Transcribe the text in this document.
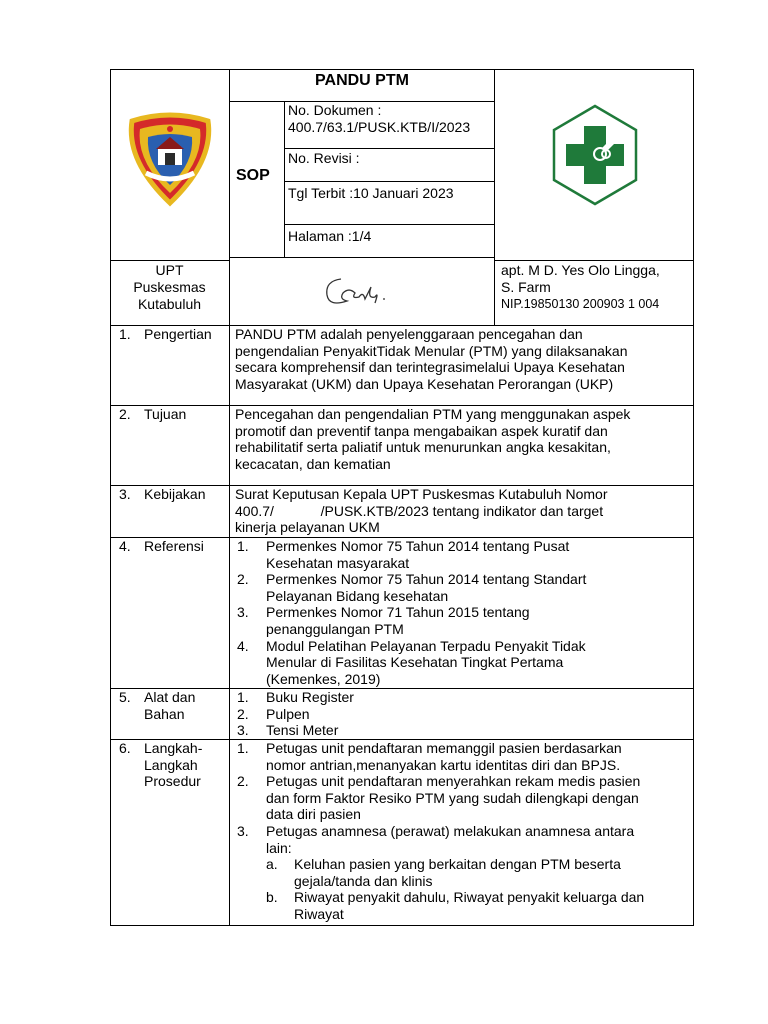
PANDU PTM
SOP
No. Dokumen :
400.7/63.1/PUSK.KTB/I/2023
No. Revisi :
Tgl Terbit :10 Januari 2023
Halaman :1/4
UPT
Puskesmas
Kutabuluh
apt. M D. Yes Olo Lingga,
S. Farm
NIP.19850130 200903 1 004
1. Pengertian PANDU PTM adalah penyelenggaraan pencegahan dan
pengendalian PenyakitTidak Menular (PTM) yang dilaksanakan
secara komprehensif dan terintegrasimelalui Upaya Kesehatan
Masyarakat (UKM) dan Upaya Kesehatan Perorangan (UKP)
2. Tujuan	Pencegahan dan pengendalian PTM yang menggunakan aspek
promotif dan preventif tanpa mengabaikan aspek kuratif dan
rehabilitatif serta paliatif untuk menurunkan angka kesakitan,
kecacatan, dan kematian
3. Kebijakan Surat Keputusan Kepala UPT Puskesmas Kutabuluh Nomor
400.7/            /PUSK.KTB/2023 tentang indikator dan target
kinerja pelayanan UKM
4. Referensi 1. Permenkes Nomor 75 Tahun 2014 tentang Pusat
Kesehatan masyarakat
2. Permenkes Nomor 75 Tahun 2014 tentang Standart
Pelayanan Bidang kesehatan
3. Permenkes Nomor 71 Tahun 2015 tentang
penanggulangan PTM
4. Modul Pelatihan Pelayanan Terpadu Penyakit Tidak
Menular di Fasilitas Kesehatan Tingkat Pertama
(Kemenkes, 2019)
5. Alat dan
Bahan
1. Buku Register
2. Pulpen
3. Tensi Meter
6. Langkah-
Langkah
Prosedur
1. Petugas unit pendaftaran memanggil pasien berdasarkan
nomor antrian,menanyakan kartu identitas diri dan BPJS.
2. Petugas unit pendaftaran menyerahkan rekam medis pasien
dan form Faktor Resiko PTM yang sudah dilengkapi dengan
data diri pasien
3. Petugas anamnesa (perawat) melakukan anamnesa antara
lain:
a. Keluhan pasien yang berkaitan dengan PTM beserta
gejala/tanda dan klinis
b. Riwayat penyakit dahulu, Riwayat penyakit keluarga dan
Riwayat
